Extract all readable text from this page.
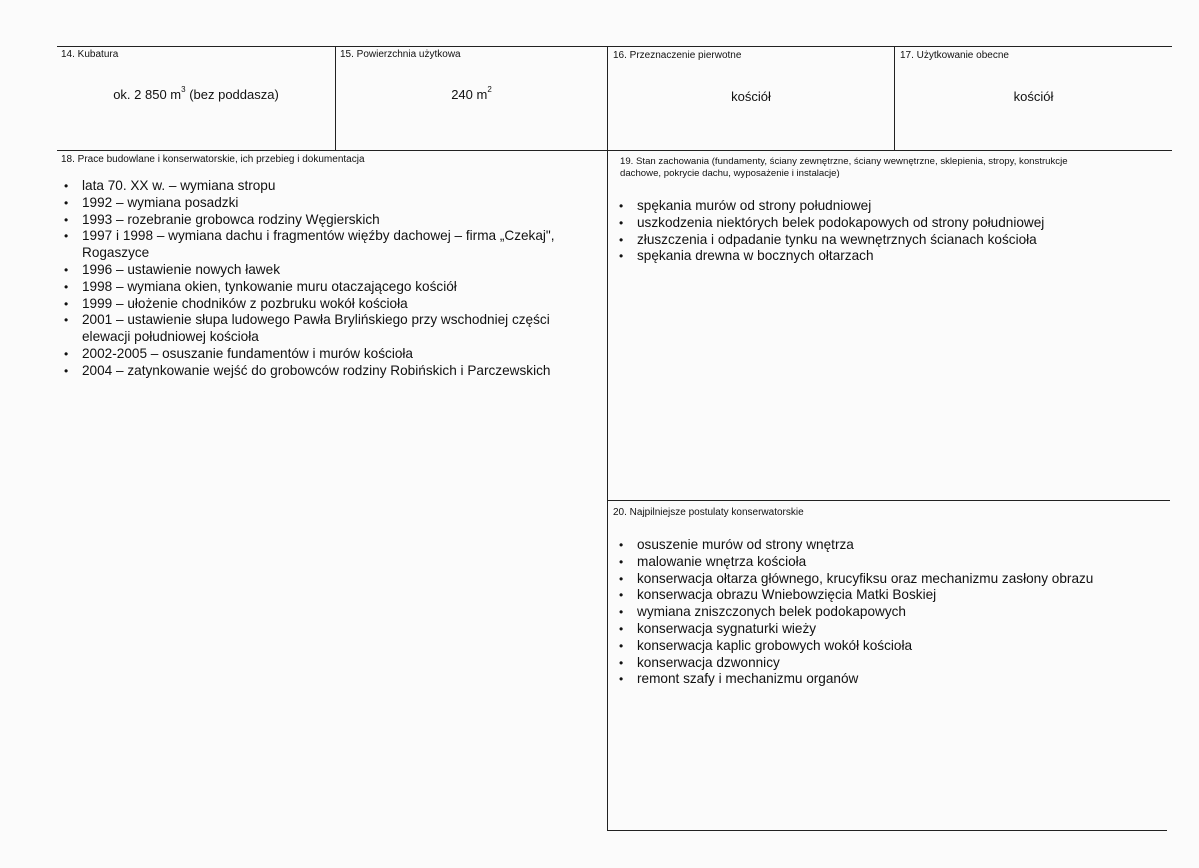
14. Kubatura
ok. 2 850 $m^3$ (bez poddasza)
15. Powierzchnia użytkowa
240 $m^2$
16. Przeznaczenie pierwotne
kościół
17. Użytkowanie obecne
kościół
18. Prace budowlane i konserwatorskie, ich przebieg i dokumentacja
• lata 70. XX w. – wymiana stropu
• 1992 – wymiana posadzki
• 1993 – rozebranie grobowca rodziny Węgierskich
• 1997 i 1998 – wymiana dachu i fragmentów więźby dachowej – firma „Czekaj", Rogaszyce
• 1996 – ustawienie nowych ławek
• 1998 – wymiana okien, tynkowanie muru otaczającego kościół
• 1999 – ułożenie chodników z pozbruku wokół kościoła
• 2001 – ustawienie słupa ludowego Pawła Brylińskiego przy wschodniej części elewacji południowej kościoła
• 2002-2005 – osuszanie fundamentów i murów kościoła
• 2004 – zatynkowanie wejść do grobowców rodziny Robińskich i Parczewskich
19. Stan zachowania (fundamenty, ściany zewnętrzne, ściany wewnętrzne, sklepienia, stropy, konstrukcje dachowe, pokrycie dachu, wyposażenie i instalacje)
• spękania murów od strony południowej
• uszkodzenia niektórych belek podokapowych od strony południowej
• złuszczenia i odpadanie tynku na wewnętrznych ścianach kościoła
• spękania drewna w bocznych ołtarzach
20. Najpilniejsze postulaty konserwatorskie
• osuszenie murów od strony wnętrza
• malowanie wnętrza kościoła
• konserwacja ołtarza głównego, krucyfiksu oraz mechanizmu zasłony obrazu
• konserwacja obrazu Wniebowzięcia Matki Boskiej
• wymiana zniszczonych belek podokapowych
• konserwacja sygnaturki wieży
• konserwacja kaplic grobowych wokół kościoła
• konserwacja dzwonnicy
• remont szafy i mechanizmu organów
